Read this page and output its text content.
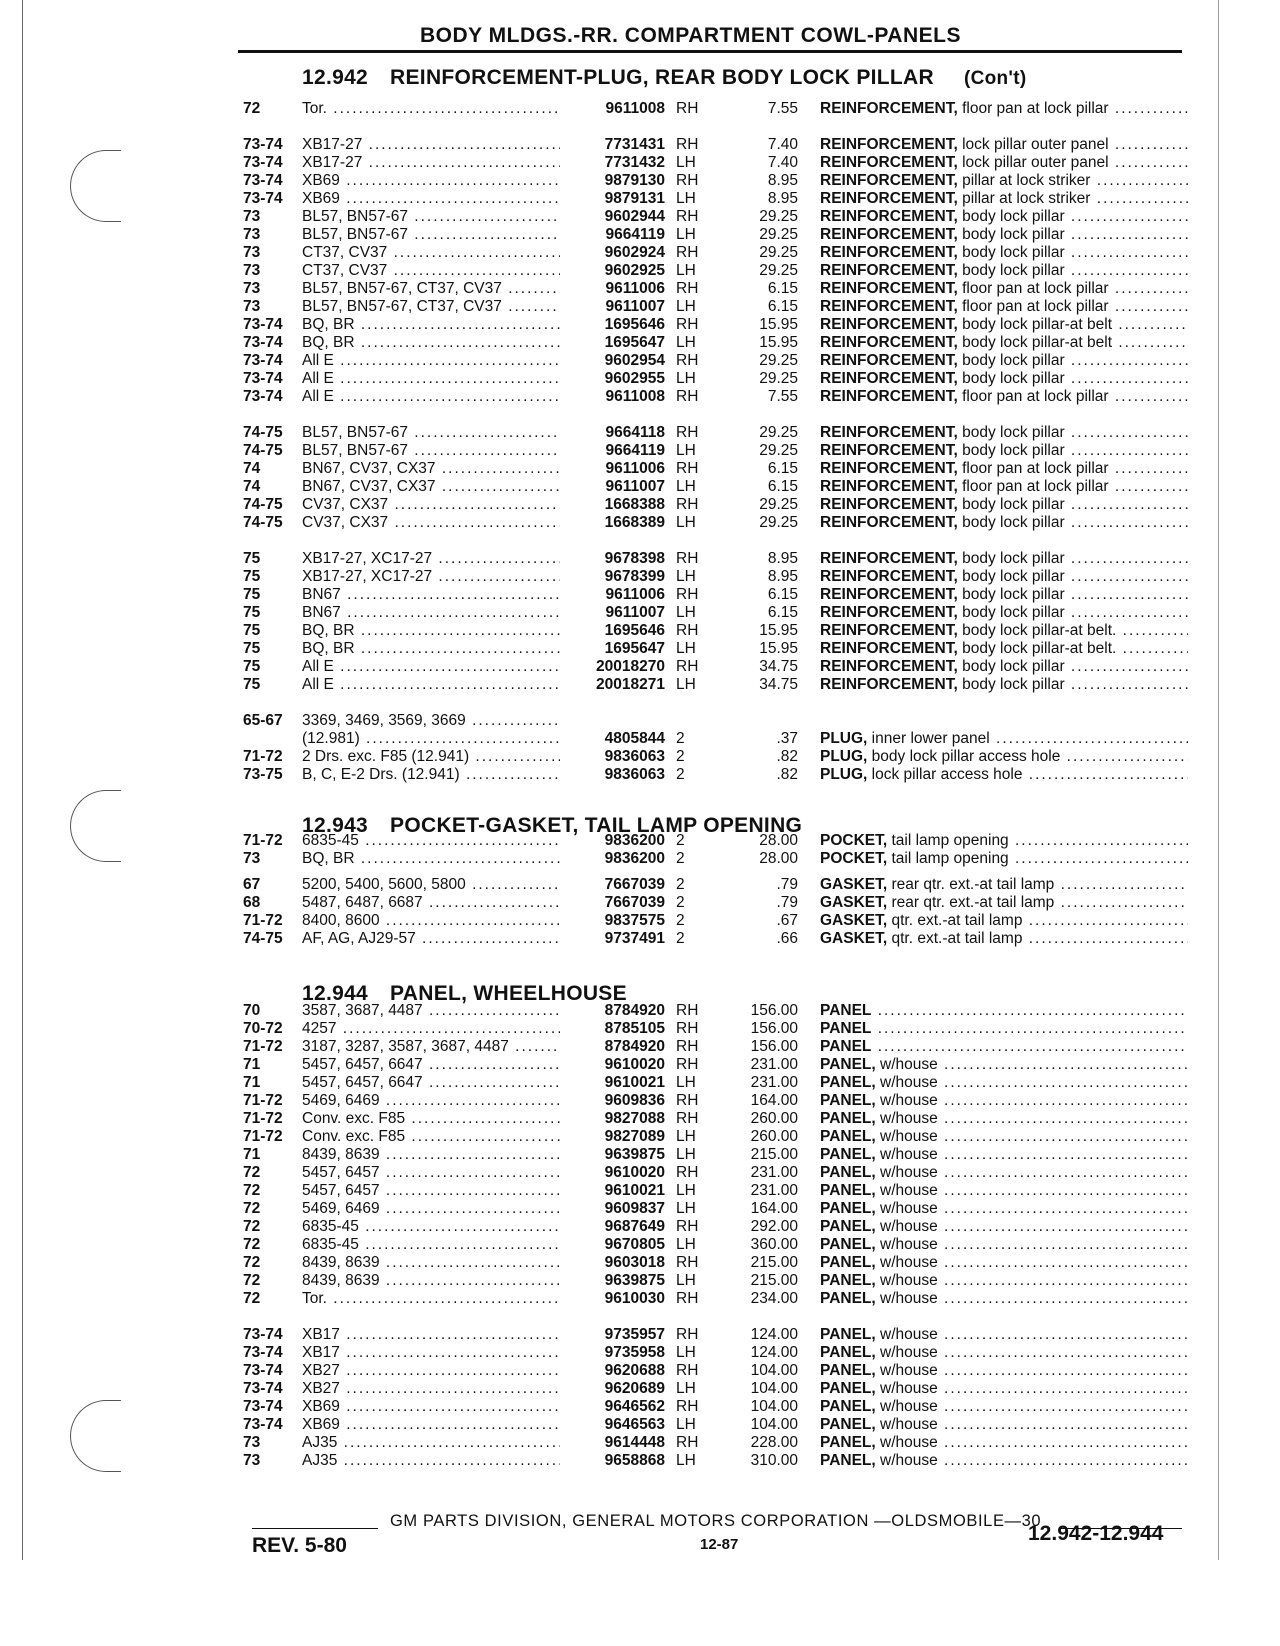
BODY MLDGS.-RR. COMPARTMENT COWL-PANELS
12.942 REINFORCEMENT-PLUG, REAR BODY LOCK PILLAR (Con't)
12.943 POCKET-GASKET, TAIL LAMP OPENING
12.944 PANEL, WHEELHOUSE
72	Tor. .....	9611008 RH	7.55 REINFORCEMENT, floor pan at lock pillar .....
73-74 XB17-27 .....	7731431 RH	7.40 REINFORCEMENT, lock pillar outer panel .....
73-74 XB17-27 .....	7731432 LH	7.40 REINFORCEMENT, lock pillar outer panel .....
73-74 XB69 .....	9879130 RH	8.95 REINFORCEMENT, pillar at lock striker .....
73-74 XB69 .....	9879131 LH	8.95 REINFORCEMENT, pillar at lock striker .....
73	BL57, BN57-67 .....	9602944 RH	29.25 REINFORCEMENT, body lock pillar .....
73	BL57, BN57-67 .....	9664119 LH	29.25 REINFORCEMENT, body lock pillar .....
73	CT37, CV37 .....	9602924 RH	29.25 REINFORCEMENT, body lock pillar .....
73	CT37, CV37 .....	9602925 LH	29.25 REINFORCEMENT, body lock pillar .....
73	BL57, BN57-67, CT37, CV37 .....	9611006 RH	6.15 REINFORCEMENT, floor pan at lock pillar .....
73	BL57, BN57-67, CT37, CV37 .....	9611007 LH	6.15 REINFORCEMENT, floor pan at lock pillar .....
73-74 BQ, BR .....	1695646 RH	15.95 REINFORCEMENT, body lock pillar-at belt .....
73-74 BQ, BR .....	1695647 LH	15.95 REINFORCEMENT, body lock pillar-at belt .....
73-74 All E .....	9602954 RH	29.25 REINFORCEMENT, body lock pillar .....
73-74 All E .....	9602955 LH	29.25 REINFORCEMENT, body lock pillar .....
73-74 All E .....	9611008 RH	7.55 REINFORCEMENT, floor pan at lock pillar .....
74-75 BL57, BN57-67 .....	9664118 RH	29.25 REINFORCEMENT, body lock pillar .....
74-75 BL57, BN57-67 .....	9664119 LH	29.25 REINFORCEMENT, body lock pillar .....
74	BN67, CV37, CX37 .....	9611006 RH	6.15 REINFORCEMENT, floor pan at lock pillar .....
74	BN67, CV37, CX37 .....	9611007 LH	6.15 REINFORCEMENT, floor pan at lock pillar .....
74-75 CV37, CX37 .....	1668388 RH	29.25 REINFORCEMENT, body lock pillar .....
74-75 CV37, CX37 .....	1668389 LH	29.25 REINFORCEMENT, body lock pillar .....
75	XB17-27, XC17-27 .....	9678398 RH	8.95 REINFORCEMENT, body lock pillar .....
75	XB17-27, XC17-27 .....	9678399 LH	8.95 REINFORCEMENT, body lock pillar .....
75	BN67 .....	9611006 RH	6.15 REINFORCEMENT, body lock pillar .....
75	BN67 .....	9611007 LH	6.15 REINFORCEMENT, body lock pillar .....
75	BQ, BR .....	1695646 RH	15.95 REINFORCEMENT, body lock pillar-at belt. .....
75	BQ, BR .....	1695647 LH	15.95 REINFORCEMENT, body lock pillar-at belt. .....
75	All E .....	20018270 RH	34.75 REINFORCEMENT, body lock pillar .....
75	All E .....	20018271 LH	34.75 REINFORCEMENT, body lock pillar .....
65-67 3369, 3469, 3569, 3669 .....
(12.981) .....	4805844 2	.37 PLUG, inner lower panel .....
71-72 2 Drs. exc. F85 (12.941) .....	9836063 2	.82 PLUG, body lock pillar access hole .....
73-75 B, C, E-2 Drs. (12.941) .....	9836063 2	.82 PLUG, lock pillar access hole .....
71-72 6835-45 .....	9836200 2	28.00 POCKET, tail lamp opening .....
73	BQ, BR .....	9836200 2	28.00 POCKET, tail lamp opening .....
67	5200, 5400, 5600, 5800 .....	7667039 2	.79 GASKET, rear qtr. ext.-at tail lamp .....
68	5487, 6487, 6687 .....	7667039 2	.79 GASKET, rear qtr. ext.-at tail lamp .....
71-72 8400, 8600 .....	9837575 2	.67 GASKET, qtr. ext.-at tail lamp .....
74-75 AF, AG, AJ29-57 .....	9737491 2	.66 GASKET, qtr. ext.-at tail lamp .....
70	3587, 3687, 4487 .....	8784920 RH	156.00 PANEL .....
70-72 4257 .....	8785105 RH	156.00 PANEL .....
71-72 3187, 3287, 3587, 3687, 4487 .....	8784920 RH	156.00 PANEL .....
71	5457, 6457, 6647 .....	9610020 RH	231.00 PANEL, w/house .....
71	5457, 6457, 6647 .....	9610021 LH	231.00 PANEL, w/house .....
71-72 5469, 6469 .....	9609836 RH	164.00 PANEL, w/house .....
71-72 Conv. exc. F85 .....	9827088 RH	260.00 PANEL, w/house .....
71-72 Conv. exc. F85 .....	9827089 LH	260.00 PANEL, w/house .....
71	8439, 8639 .....	9639875 LH	215.00 PANEL, w/house .....
72	5457, 6457 .....	9610020 RH	231.00 PANEL, w/house .....
72	5457, 6457 .....	9610021 LH	231.00 PANEL, w/house .....
72	5469, 6469 .....	9609837 LH	164.00 PANEL, w/house .....
72	6835-45 .....	9687649 RH	292.00 PANEL, w/house .....
72	6835-45 .....	9670805 LH	360.00 PANEL, w/house .....
72	8439, 8639 .....	9603018 RH	215.00 PANEL, w/house .....
72	8439, 8639 .....	9639875 LH	215.00 PANEL, w/house .....
72	Tor. .....	9610030 RH	234.00 PANEL, w/house .....
73-74 XB17 .....	9735957 RH	124.00 PANEL, w/house .....
73-74 XB17 .....	9735958 LH	124.00 PANEL, w/house .....
73-74 XB27 .....	9620688 RH	104.00 PANEL, w/house .....
73-74 XB27 .....	9620689 LH	104.00 PANEL, w/house .....
73-74 XB69 .....	9646562 RH	104.00 PANEL, w/house .....
73-74 XB69 .....	9646563 LH	104.00 PANEL, w/house .....
73	AJ35 .....	9614448 RH	228.00 PANEL, w/house .....
73	AJ35 .....	9658868 LH	310.00 PANEL, w/house .....
GM PARTS DIVISION, GENERAL MOTORS CORPORATION —OLDSMOBILE—30
REV. 5-80	12-87	12.942-12.944
